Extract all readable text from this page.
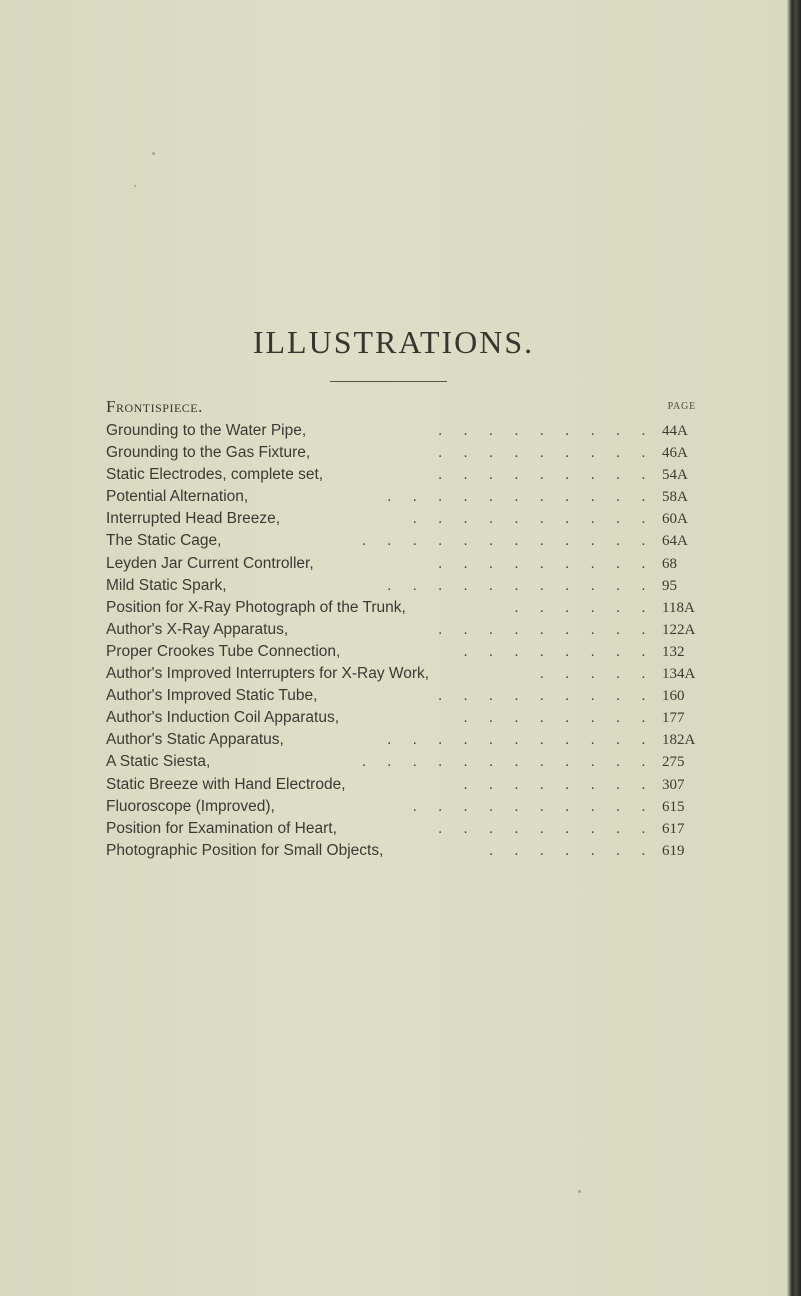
ILLUSTRATIONS.
Frontispiece.	PAGE
Grounding to the Water Pipe,	. . . . . . . . . 44A
Grounding to the Gas Fixture,	. . . . . . . . . 46A
Static Electrodes, complete set,	. . . . . . . . . 54A
Potential Alternation,	. . . . . . . . . . . 58A
Interrupted Head Breeze,	. . . . . . . . . . 60A
The Static Cage,	. . . . . . . . . . . . 64A
Leyden Jar Current Controller,	. . . . . . . . . 68
Mild Static Spark,	. . . . . . . . . . . 95
Position for X-Ray Photograph of the Trunk,	. . . . . . 118A
Author's X-Ray Apparatus,	. . . . . . . . . 122A
Proper Crookes Tube Connection,	. . . . . . . . 132
Author's Improved Interrupters for X-Ray Work,	. . . . . 134A
Author's Improved Static Tube,	. . . . . . . . . 160
Author's Induction Coil Apparatus,	. . . . . . . . 177
Author's Static Apparatus,	. . . . . . . . . . . 182A
A Static Siesta,	. . . . . . . . . . . . 275
Static Breeze with Hand Electrode,	. . . . . . . . 307
Fluoroscope (Improved),	. . . . . . . . . . 615
Position for Examination of Heart,	. . . . . . . . . 617
Photographic Position for Small Objects,	. . . . . . . 619
